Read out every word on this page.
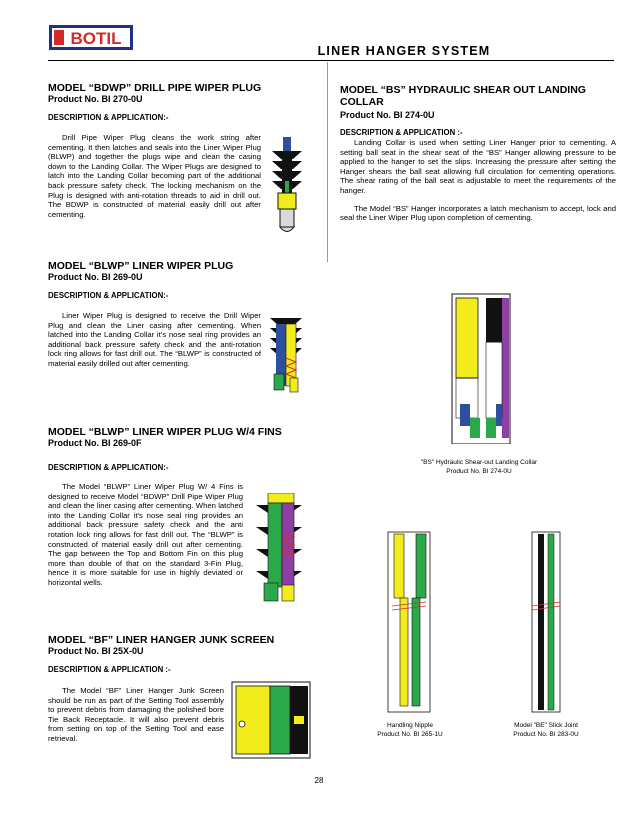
BOTIL
LINER HANGER SYSTEM
MODEL “BDWP” DRILL PIPE WIPER PLUG
Product No. BI 270-0U
DESCRIPTION & APPLICATION:-
Drill Pipe Wiper Plug cleans the work string after cementing. It then latches and seals into the Liner Wiper Plug (BLWP) and together the plugs wipe and clean the casing down to the Landing Collar. The Wiper Plugs are designed to latch into the Landing Collar becoming part of the additional back pressure safety check. The locking mechanism on the Plug is designed with anti-rotation threads to aid in drill out. The BDWP is constructed of material easily drill out after cementing.
MODEL “BLWP” LINER WIPER PLUG
Product No. BI 269-0U
DESCRIPTION & APPLICATION:-
Liner Wiper Plug is designed to receive the Drill Wiper Plug and clean the Liner casing after cementing. When latched into the Landing Collar it’s nose seal ring provides an additional back pressure safety check and the anti-rotation lock ring allows for fast drill out. The “BLWP” is constructed of material easily drilled out after cementing.
MODEL “BLWP” LINER WIPER PLUG W/4 FINS
Product No. BI 269-0F
DESCRIPTION & APPLICATION:-
The Model “BLWP” Liner Wiper Plug W/ 4 Fins is designed to receive Model “BDWP” Drill Pipe Wiper Plug and clean the liner casing after cementing. When latched into the Landing Collar it’s nose seal ring provides an additional back pressure safety check and the anti rotation lock ring allows for fast drill out. The “BLWP” is constructed of material easily drill out after cementing. The gap between the Top and Bottom Fin on this plug more than double of that on the standard 3-Fin Plug, hence it is more suitable for use in highly deviated or horizontal wells.
MODEL “BF” LINER HANGER JUNK SCREEN
Product No. BI 25X-0U
DESCRIPTION & APPLICATION :-
The Model “BF” Liner Hanger Junk Screen should be run as part of the Setting Tool assembly to prevent debris from damaging the polished bore Tie Back Receptacle. It will also prevent debris from setting on top of the Setting Tool and ease retrieval.
MODEL “BS” HYDRAULIC SHEAR OUT LANDING COLLAR
Product No. BI 274-0U
DESCRIPTION & APPLICATION :-
Landing Collar is used when setting Liner Hanger prior to cementing. A setting ball seat in the shear seat of the “BS” Hanger allowing pressure to be applied to the hanger to set the slips. Increasing the pressure after setting the Hanger shears the ball seat allowing full circulation for cementing operations. The shear rating of the ball seat is adjustable to meet the requirements of the hanger.
The Model “BS” Hanger incorporates a latch mechanism to accept, lock and seal the Liner Wiper Plug upon completion of cementing.
"BS" Hydraulic Shear-out Landing Collar
Product No. BI 274-0U
Handling Nipple
Product No. BI 265-1U
Model "BE" Slick Joint
Product No. BI 283-0U
28
